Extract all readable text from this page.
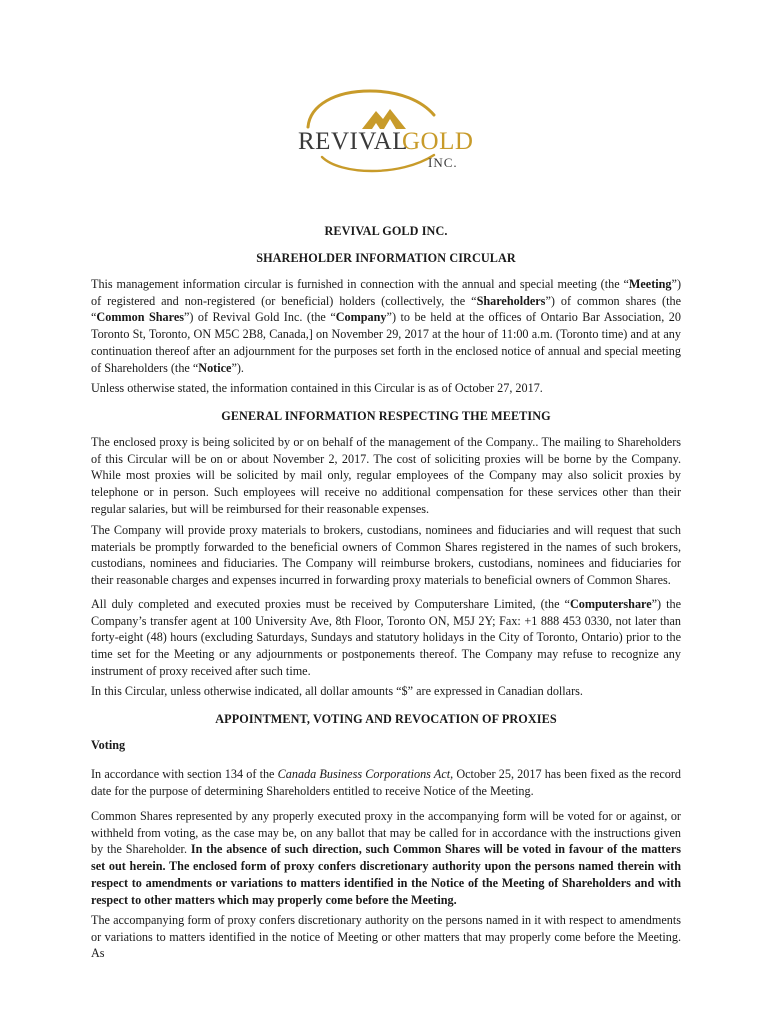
REVIVAL
GOLD
INC.
REVIVAL GOLD INC.
SHAREHOLDER INFORMATION CIRCULAR

This management information circular is furnished in connection with the annual and special meeting (the “Meeting”) of registered and non-registered (or beneficial) holders (collectively, the “Shareholders”) of common shares (the “Common Shares”) of Revival Gold Inc. (the “Company”) to be held at the offices of Ontario Bar Association, 20 Toronto St, Toronto, ON M5C 2B8, Canada,] on November 29, 2017 at the hour of 11:00 a.m. (Toronto time) and at any continuation thereof after an adjournment for the purposes set forth in the enclosed notice of annual and special meeting of Shareholders (the “Notice”).

Unless otherwise stated, the information contained in this Circular is as of October 27, 2017.

GENERAL INFORMATION RESPECTING THE MEETING

The enclosed proxy is being solicited by or on behalf of the management of the Company.. The mailing to Shareholders of this Circular will be on or about November 2, 2017. The cost of soliciting proxies will be borne by the Company. While most proxies will be solicited by mail only, regular employees of the Company may also solicit proxies by telephone or in person. Such employees will receive no additional compensation for these services other than their regular salaries, but will be reimbursed for their reasonable expenses.

The Company will provide proxy materials to brokers, custodians, nominees and fiduciaries and will request that such materials be promptly forwarded to the beneficial owners of Common Shares registered in the names of such brokers, custodians, nominees and fiduciaries. The Company will reimburse brokers, custodians, nominees and fiduciaries for their reasonable charges and expenses incurred in forwarding proxy materials to beneficial owners of Common Shares.

All duly completed and executed proxies must be received by Computershare Limited, (the “Computershare”) the Company’s transfer agent at 100 University Ave, 8th Floor, Toronto ON, M5J 2Y; Fax: +1 888 453 0330, not later than forty-eight (48) hours (excluding Saturdays, Sundays and statutory holidays in the City of Toronto, Ontario) prior to the time set for the Meeting or any adjournments or postponements thereof. The Company may refuse to recognize any instrument of proxy received after such time.

In this Circular, unless otherwise indicated, all dollar amounts “$” are expressed in Canadian dollars.

APPOINTMENT, VOTING AND REVOCATION OF PROXIES
Voting

In accordance with section 134 of the Canada Business Corporations Act, October 25, 2017 has been fixed as the record date for the purpose of determining Shareholders entitled to receive Notice of the Meeting.

Common Shares represented by any properly executed proxy in the accompanying form will be voted for or against, or withheld from voting, as the case may be, on any ballot that may be called for in accordance with the instructions given by the Shareholder. In the absence of such direction, such Common Shares will be voted in favour of the matters set out herein. The enclosed form of proxy confers discretionary authority upon the persons named therein with respect to amendments or variations to matters identified in the Notice of the Meeting of Shareholders and with respect to other matters which may properly come before the Meeting.

The accompanying form of proxy confers discretionary authority on the persons named in it with respect to amendments or variations to matters identified in the notice of Meeting or other matters that may properly come before the Meeting. As
